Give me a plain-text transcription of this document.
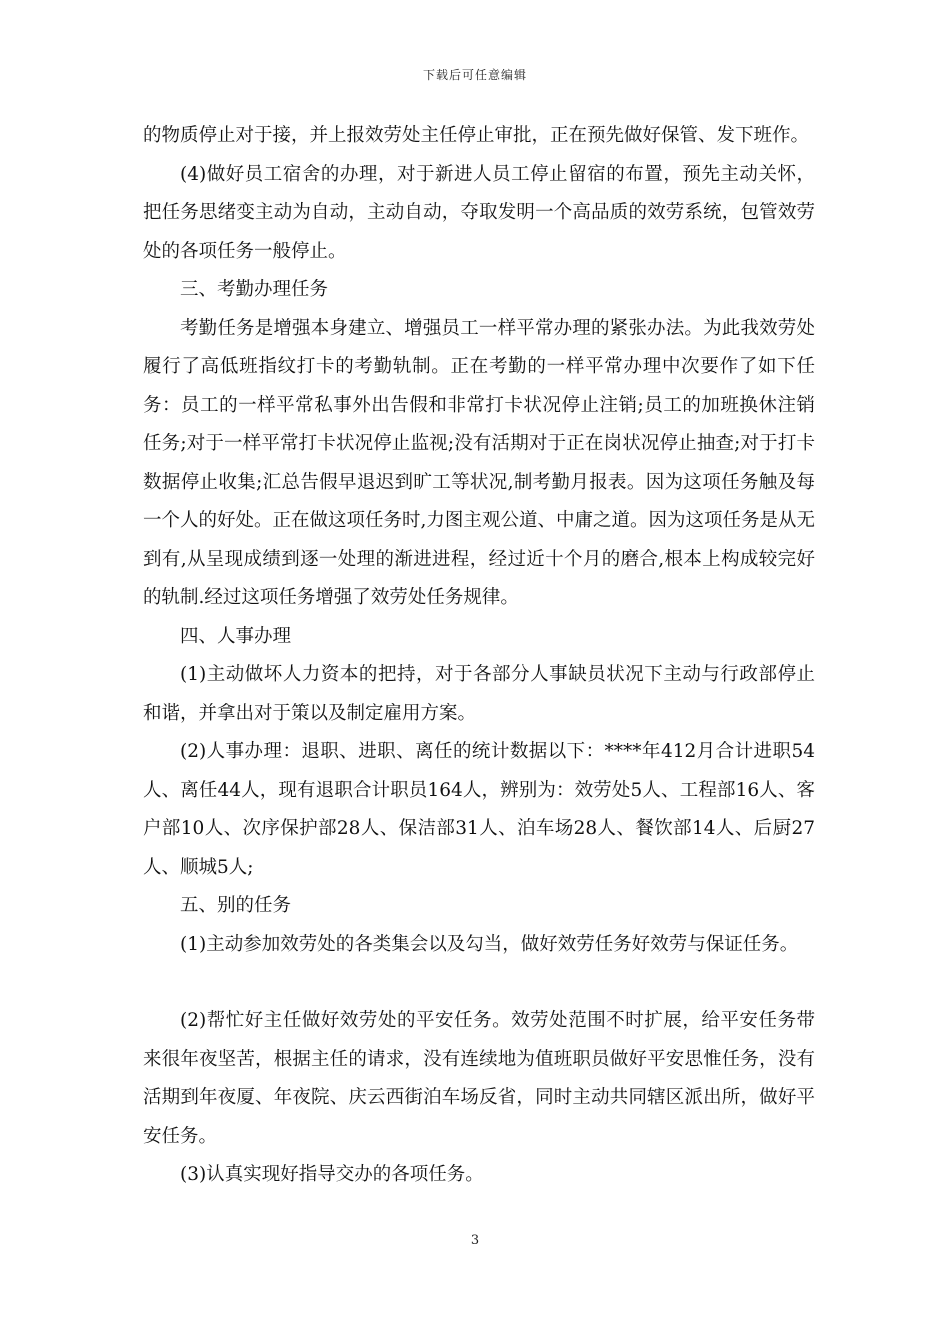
下载后可任意编辑

的物质停止对于接，并上报效劳处主任停止审批，正在预先做好保管、发下班作。

(4)做好员工宿舍的办理，对于新进人员工停止留宿的布置，预先主动关怀，把任务思绪变主动为自动，主动自动，夺取发明一个高品质的效劳系统，包管效劳处的各项任务一般停止。

三、考勤办理任务

考勤任务是增强本身建立、增强员工一样平常办理的紧张办法。为此我效劳处履行了高低班指纹打卡的考勤轨制。正在考勤的一样平常办理中次要作了如下任务：员工的一样平常私事外出告假和非常打卡状况停止注销;员工的加班换休注销任务;对于一样平常打卡状况停止监视;没有活期对于正在岗状况停止抽查;对于打卡数据停止收集;汇总告假早退迟到旷工等状况,制考勤月报表。因为这项任务触及每一个人的好处。正在做这项任务时,力图主观公道、中庸之道。因为这项任务是从无到有,从呈现成绩到逐一处理的渐进进程，经过近十个月的磨合,根本上构成较完好的轨制.经过这项任务增强了效劳处任务规律。

四、人事办理

(1)主动做坏人力资本的把持，对于各部分人事缺员状况下主动与行政部停止和谐，并拿出对于策以及制定雇用方案。

(2)人事办理：退职、进职、离任的统计数据以下：****年412月合计进职54人、离任44人，现有退职合计职员164人，辨别为：效劳处5人、工程部16人、客户部10人、次序保护部28人、保洁部31人、泊车场28人、餐饮部14人、后厨27人、顺城5人;

五、别的任务

(1)主动参加效劳处的各类集会以及勾当，做好效劳任务好效劳与保证任务。

(2)帮忙好主任做好效劳处的平安任务。效劳处范围不时扩展，给平安任务带来很年夜坚苦，根据主任的请求，没有连续地为值班职员做好平安思惟任务，没有活期到年夜厦、年夜院、庆云西街泊车场反省，同时主动共同辖区派出所，做好平安任务。

(3)认真实现好指导交办的各项任务。

3
